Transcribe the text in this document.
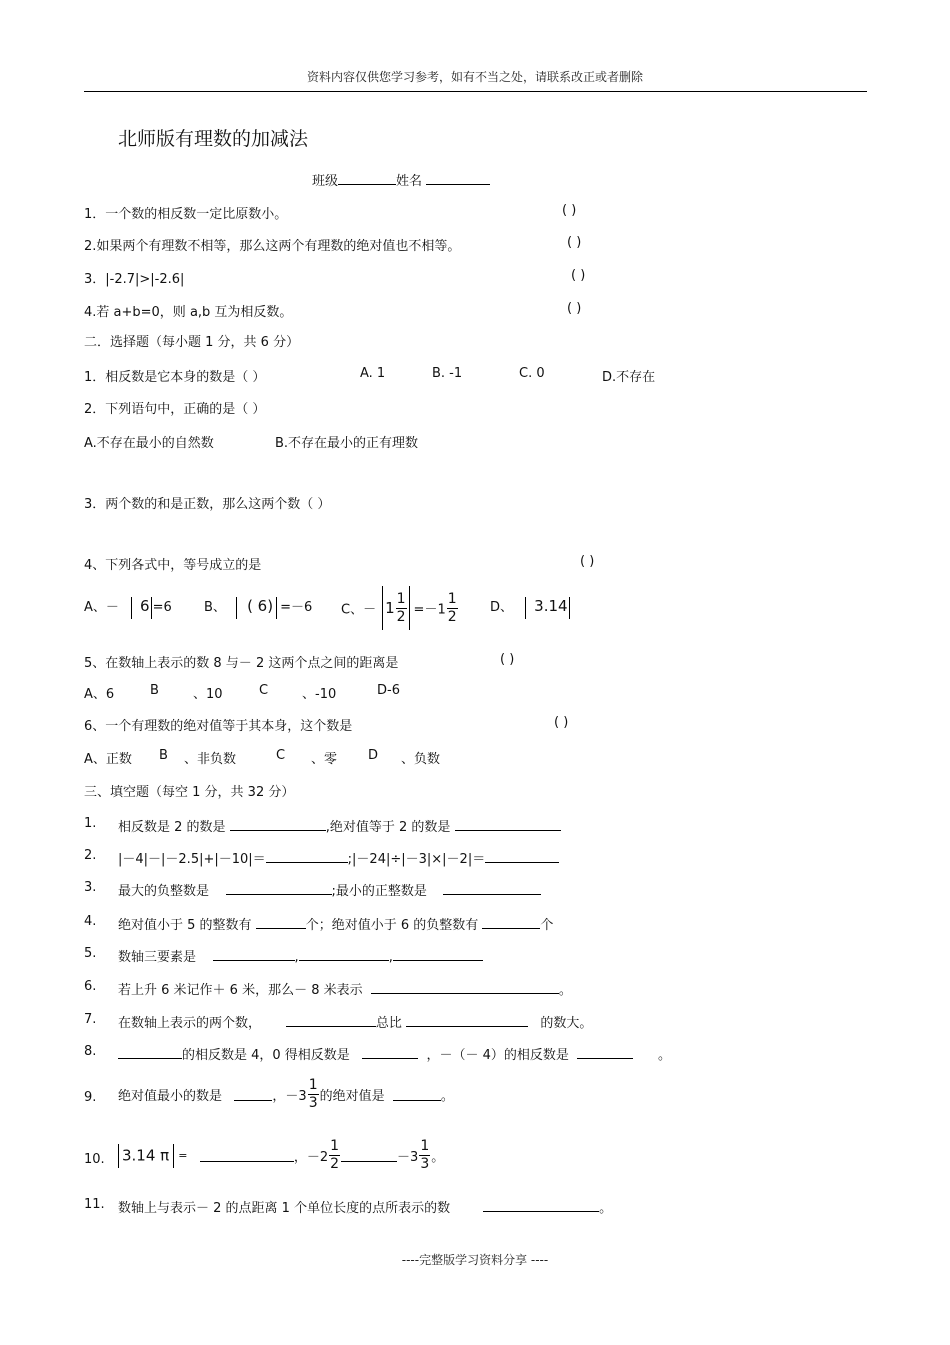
资料内容仅供您学习参考，如有不当之处，请联系改正或者删除
北师版有理数的加减法
班级	姓名
1．一个数的相反数一定比原数小。	( )
2.如果两个有理数不相等，那么这两个有理数的绝对值也不相等。	( )
3．|-2.7|>|-2.6|	( )
4.若 a+b=0，则 a,b 互为相反数。	( )
二．选择题（每小题 1 分，共 6 分）
1．相反数是它本身的数是（ ）	A. 1	B. -1	C. 0	D.不存在
2．下列语句中，正确的是（ ）
A.不存在最小的自然数	B.不存在最小的正有理数
3．两个数的和是正数，那么这两个数（ ）
4、下列各式中，等号成立的是	( )
A、－ 6 =6 B、 ( 6) =－6 C、－ $1 \frac{1}{2} =-1 \frac{1}{2}$ D、 3.14
5、在数轴上表示的数 8 与－ 2 这两个点之间的距离是	( )
A、6	B	、10	C	、-10	D-6
6、一个有理数的绝对值等于其本身，这个数是	( )
A、正数 B 、非负数	C 、零 D 、负数
三、填空题（每空 1 分，共 32 分）
1. 相反数是 2 的数是	,绝对值等于 2 的数是
2. |－4|－|－2.5|+|－10|＝	;|－24|÷|－3|×|－2|＝
3. 最大的负整数是	;最小的正整数是
4. 绝对值小于 5 的整数有	个；绝对值小于 6 的负整数有	个
5. 数轴三要素是	,	,
6. 若上升 6 米记作＋ 6 米，那么－ 8 米表示	。
7. 在数轴上表示的两个数，	总比	的数大。
8.	的相反数是 4，0 得相反数是	，－（－ 4）的相反数是	。
9. 绝对值最小的数是	，$-3 \frac{1}{3}$ 的绝对值是	。
10. 3.14 π =	，$-2 \frac{1}{2}$	$-3 \frac{1}{3}$ 。
11. 数轴上与表示－ 2 的点距离 1 个单位长度的点所表示的数	。
----完整版学习资料分享 ----
